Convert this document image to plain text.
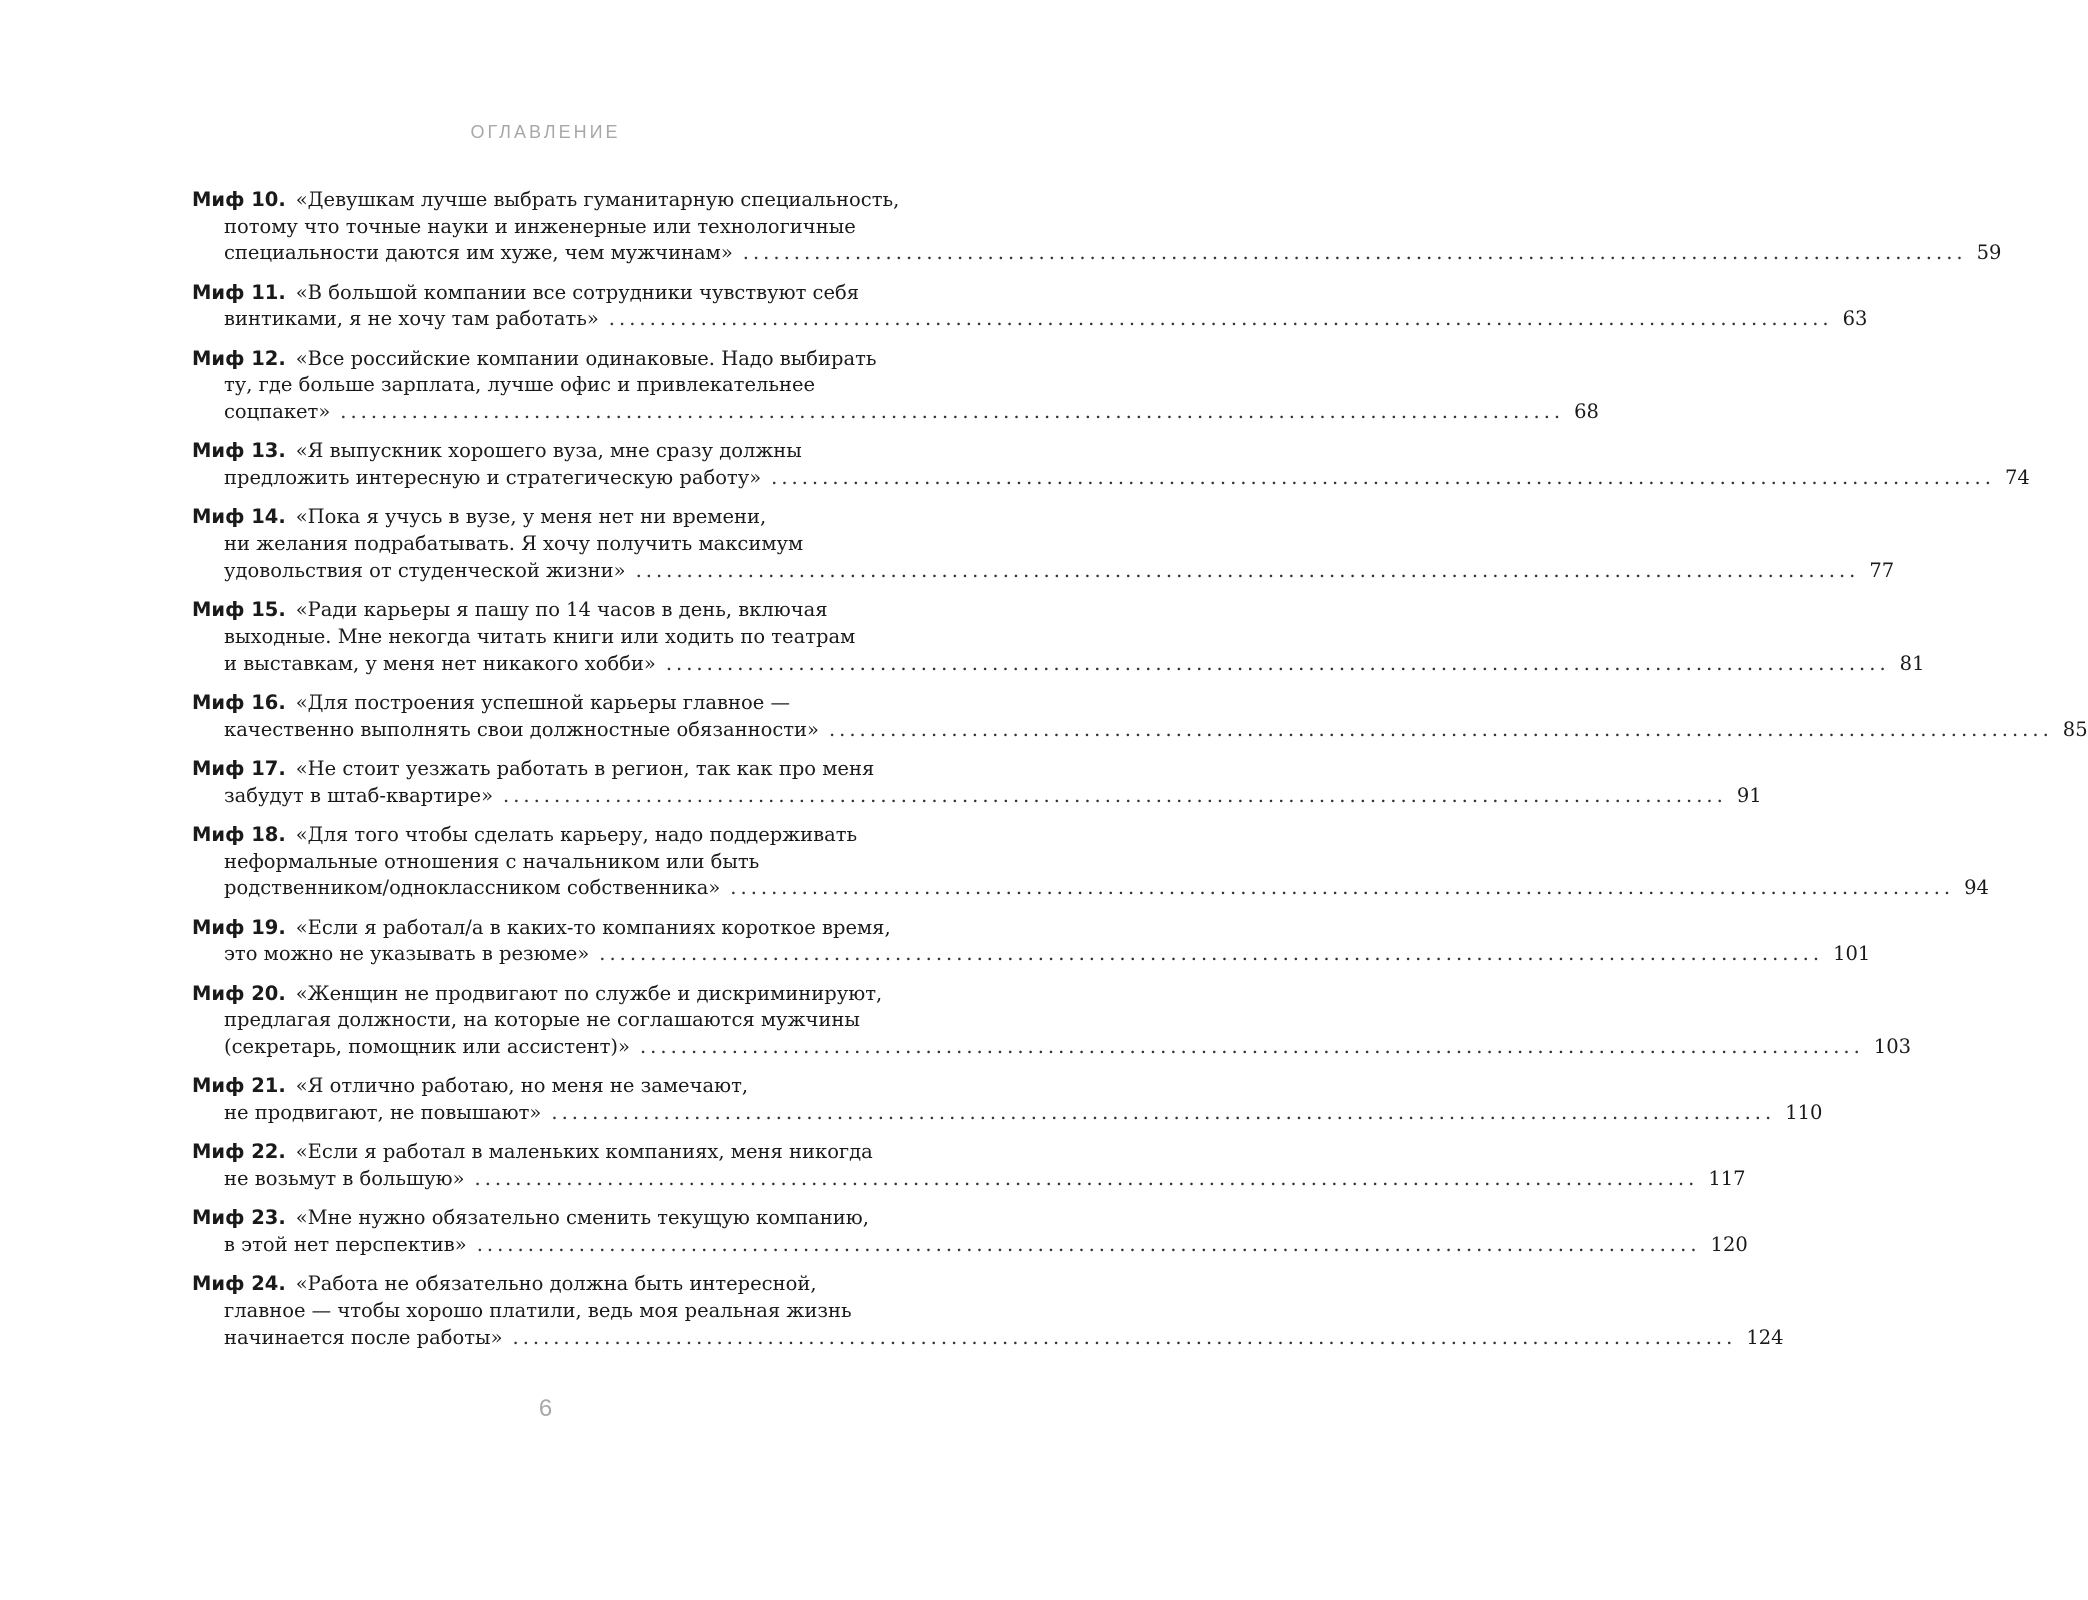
ОГЛАВЛЕНИЕ
Миф 10. «Девушкам лучше выбрать гуманитарную специальность,
потому что точные науки и инженерные или технологичные
специальности даются им хуже, чем мужчинам» ........................................................................................................................ 59
Миф 11. «В большой компании все сотрудники чувствуют себя
винтиками, я не хочу там работать» ........................................................................................................................ 63
Миф 12. «Все российские компании одинаковые. Надо выбирать
ту, где больше зарплата, лучше офис и привлекательнее
соцпакет» ........................................................................................................................ 68
Миф 13. «Я выпускник хорошего вуза, мне сразу должны
предложить интересную и стратегическую работу» ........................................................................................................................ 74
Миф 14. «Пока я учусь в вузе, у меня нет ни времени,
ни желания подрабатывать. Я хочу получить максимум
удовольствия от студенческой жизни» ........................................................................................................................ 77
Миф 15. «Ради карьеры я пашу по 14 часов в день, включая
выходные. Мне некогда читать книги или ходить по театрам
и выставкам, у меня нет никакого хобби» ........................................................................................................................ 81
Миф 16. «Для построения успешной карьеры главное —
качественно выполнять свои должностные обязанности» ........................................................................................................................ 85
Миф 17. «Не стоит уезжать работать в регион, так как про меня
забудут в штаб-квартире» ........................................................................................................................ 91
Миф 18. «Для того чтобы сделать карьеру, надо поддерживать
неформальные отношения с начальником или быть
родственником/одноклассником собственника» ........................................................................................................................ 94
Миф 19. «Если я работал/а в каких-то компаниях короткое время,
это можно не указывать в резюме» ........................................................................................................................ 101
Миф 20. «Женщин не продвигают по службе и дискриминируют,
предлагая должности, на которые не соглашаются мужчины
(секретарь, помощник или ассистент)» ........................................................................................................................ 103
Миф 21. «Я отлично работаю, но меня не замечают,
не продвигают, не повышают» ........................................................................................................................ 110
Миф 22. «Если я работал в маленьких компаниях, меня никогда
не возьмут в большую» ........................................................................................................................ 117
Миф 23. «Мне нужно обязательно сменить текущую компанию,
в этой нет перспектив» ........................................................................................................................ 120
Миф 24. «Работа не обязательно должна быть интересной,
главное — чтобы хорошо платили, ведь моя реальная жизнь
начинается после работы» ........................................................................................................................ 124
6
